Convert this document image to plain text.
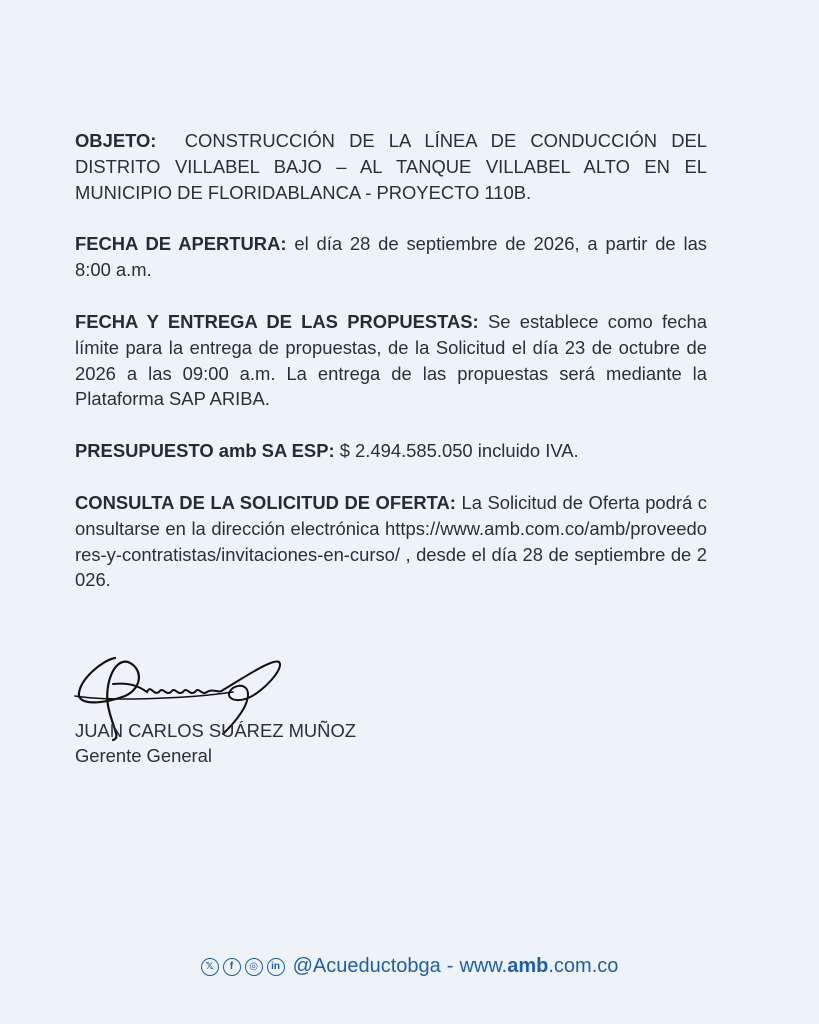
OBJETO: CONSTRUCCIÓN DE LA LÍNEA DE CONDUCCIÓN DEL DISTRITO VILLABEL BAJO – AL TANQUE VILLABEL ALTO EN EL MUNICIPIO DE FLORIDABLANCA - PROYECTO 110B.

FECHA DE APERTURA: el día 28 de septiembre de 2026, a partir de las 8:00 a.m.

FECHA Y ENTREGA DE LAS PROPUESTAS: Se establece como fecha límite para la entrega de propuestas, de la Solicitud el día 23 de octubre de 2026 a las 09:00 a.m. La entrega de las propuestas será mediante la Plataforma SAP ARIBA.

PRESUPUESTO amb SA ESP: $ 2.494.585.050 incluido IVA.

CONSULTA DE LA SOLICITUD DE OFERTA: La Solicitud de Oferta podrá consultarse en la dirección electrónica https://www.amb.com.co/amb/proveedores-y-contratistas/invitaciones-en-curso/ , desde el día 28 de septiembre de 2026.

JUAN CARLOS SUÁREZ MUÑOZ
Gerente General
𝕏	f	◎	in @Acueductobga - www.amb.com.co
